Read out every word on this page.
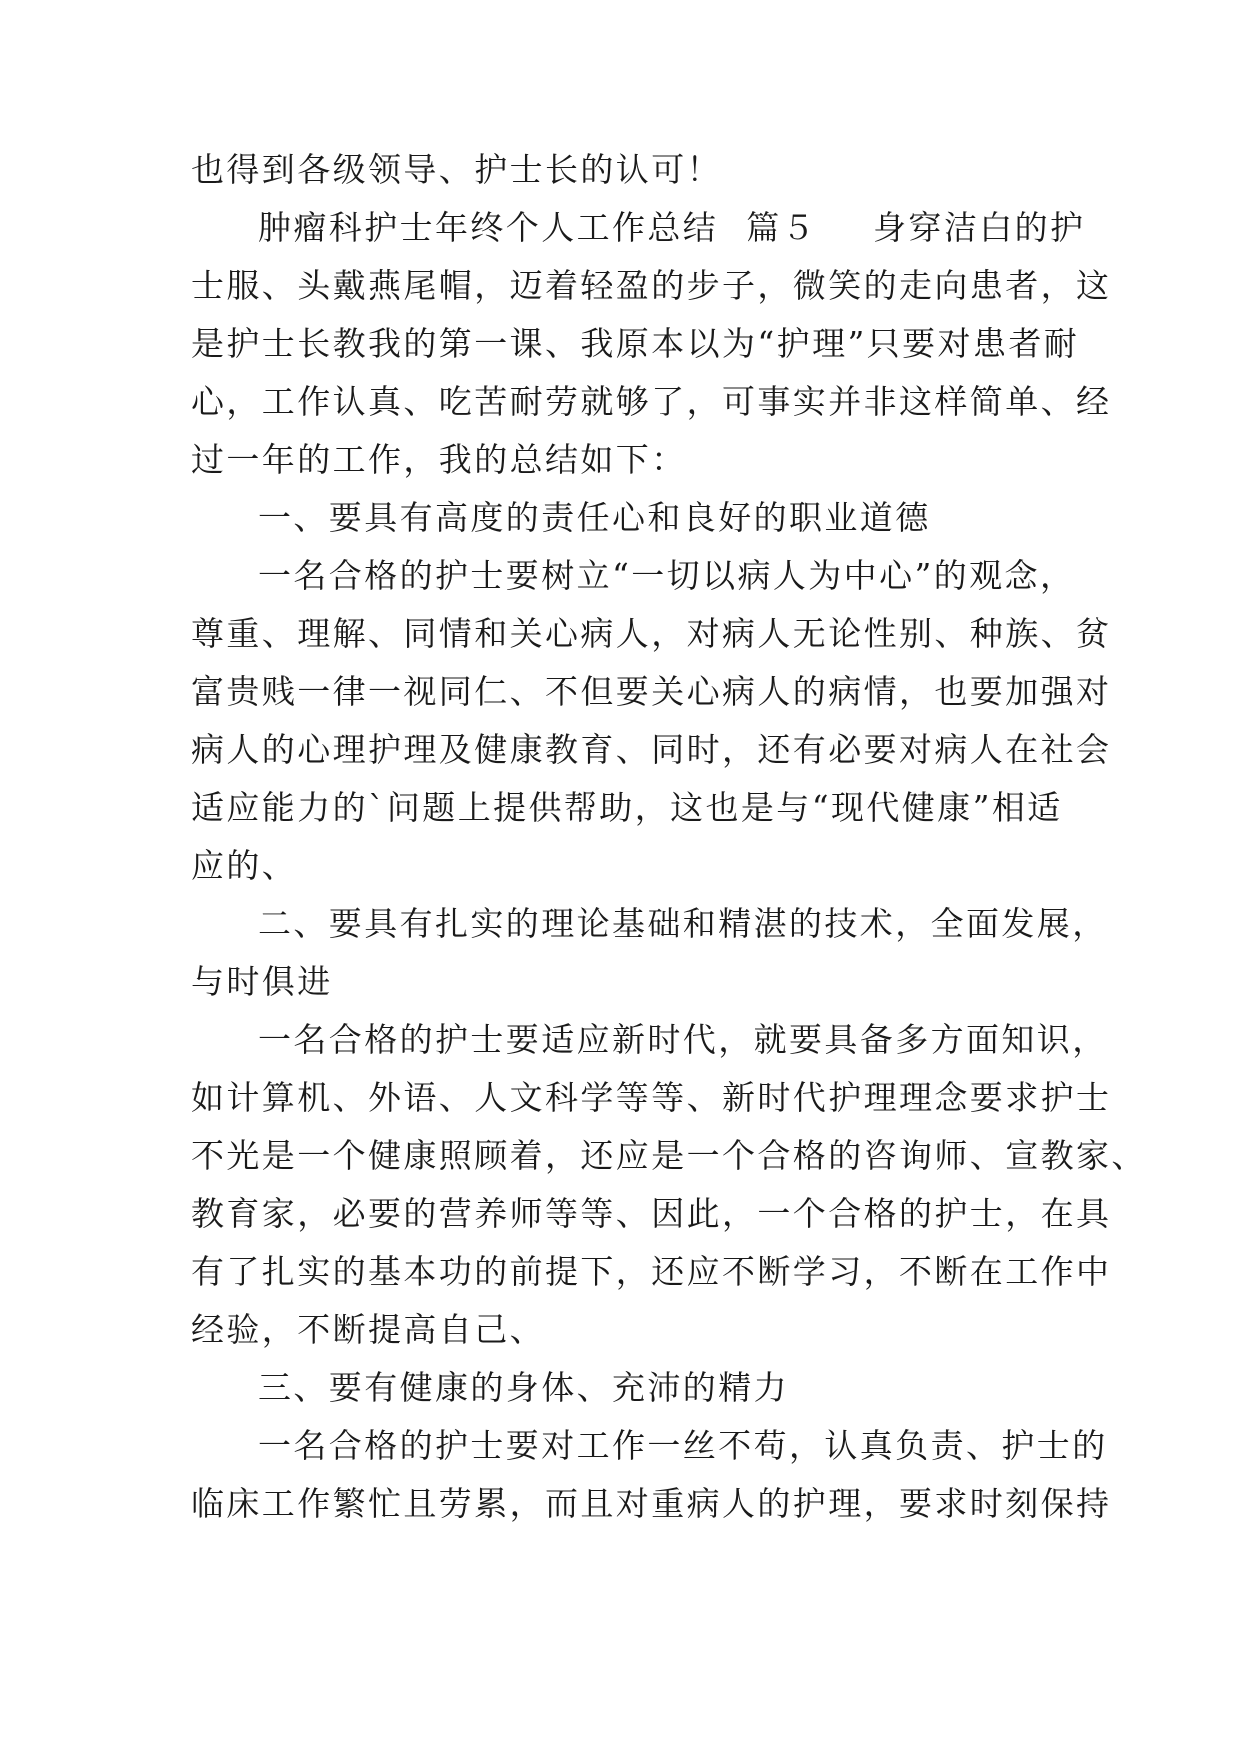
也得到各级领导、护士长的认可！
肿瘤科护士年终个人工作总结 篇５ 身穿洁白的护
士服、头戴燕尾帽，迈着轻盈的步子，微笑的走向患者，这
是护士长教我的第一课、我原本以为“护理”只要对患者耐
心，工作认真、吃苦耐劳就够了，可事实并非这样简单、经
过一年的工作，我的总结如下：
一、要具有高度的责任心和良好的职业道德
一名合格的护士要树立“一切以病人为中心”的观念，
尊重、理解、同情和关心病人，对病人无论性别、种族、贫
富贵贱一律一视同仁、不但要关心病人的病情，也要加强对
病人的心理护理及健康教育、同时，还有必要对病人在社会
适应能力的`问题上提供帮助，这也是与“现代健康”相适
应的、
二、要具有扎实的理论基础和精湛的技术，全面发展，
与时俱进
一名合格的护士要适应新时代，就要具备多方面知识，
如计算机、外语、人文科学等等、新时代护理理念要求护士
不光是一个健康照顾着，还应是一个合格的咨询师、宣教家、
教育家，必要的营养师等等、因此，一个合格的护士，在具
有了扎实的基本功的前提下，还应不断学习，不断在工作中
经验，不断提高自己、
三、要有健康的身体、充沛的精力
一名合格的护士要对工作一丝不苟，认真负责、护士的
临床工作繁忙且劳累，而且对重病人的护理，要求时刻保持
